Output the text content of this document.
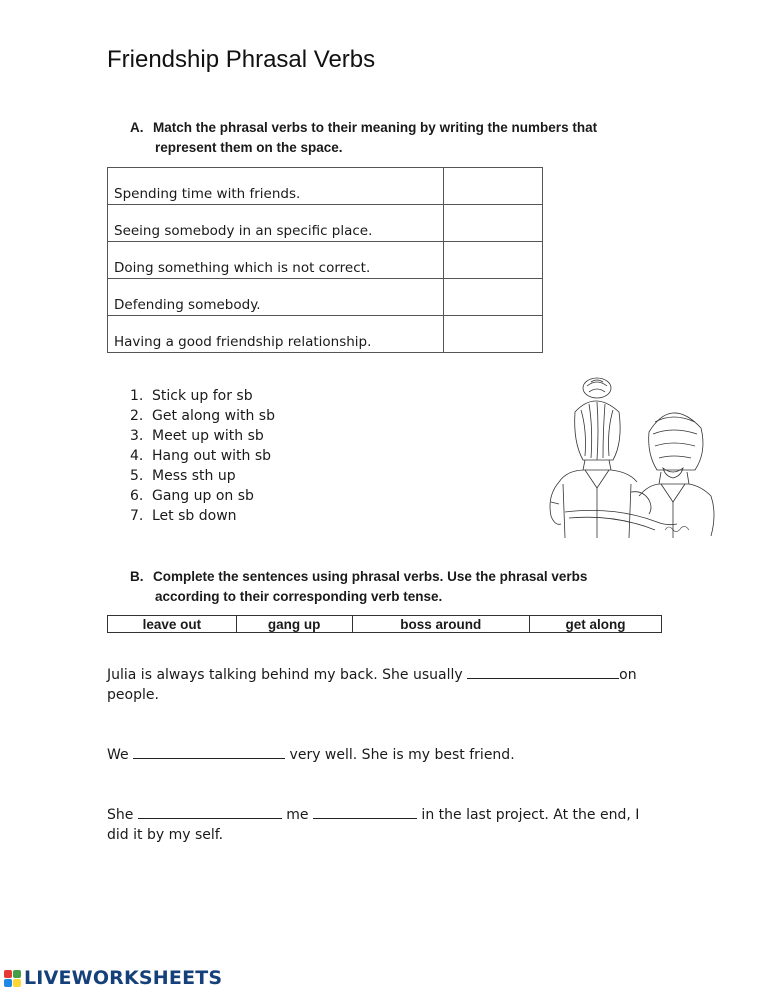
Friendship Phrasal Verbs
A. Match the phrasal verbs to their meaning by writing the numbers that
represent them on the space.
Spending time with friends.	
Seeing somebody in an specific place.	
Doing something which is not correct.	
Defending somebody.	
Having a good friendship relationship.	
1. Stick up for sb
2. Get along with sb
3. Meet up with sb
4. Hang out with sb
5. Mess sth up
6. Gang up on sb
7. Let sb down
B. Complete the sentences using phrasal verbs. Use the phrasal verbs
according to their corresponding verb tense.
leave out	gang up	boss around	get along
Julia is always talking behind my back. She usually	on
people.
We	very well. She is my best friend.
She	me	in the last project. At the end, I
did it by my self.
LIVEWORKSHEETS
